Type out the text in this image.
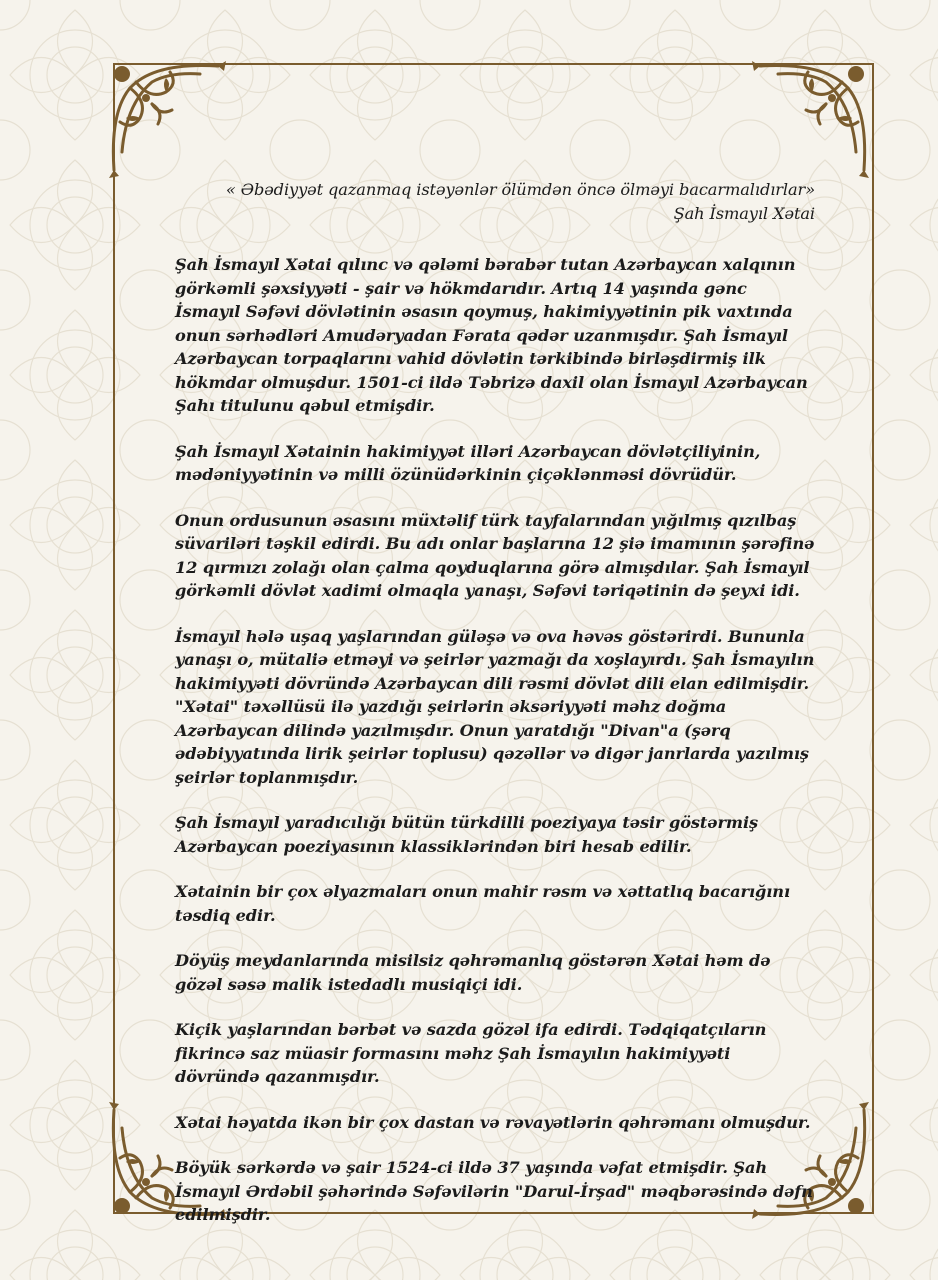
« Əbədiyyət qazanmaq istəyənlər ölümdən öncə ölməyi bacarmalıdırlar»
Şah İsmayıl Xətai

Şah İsmayıl Xətai qılınc və qələmi bərabər tutan Azərbaycan xalqının görkəmli şəxsiyyəti - şair və hökmdarıdır. Artıq 14 yaşında gənc İsmayıl Səfəvi dövlətinin əsasın qoymuş, hakimiyyətinin pik vaxtında onun sərhədləri Amudəryadan Fərata qədər uzanmışdır. Şah İsmayıl Azərbaycan torpaqlarını vahid dövlətin tərkibində birləşdirmiş ilk hökmdar olmuşdur. 1501-ci ildə Təbrizə daxil olan İsmayıl Azərbaycan Şahı titulunu qəbul etmişdir.

Şah İsmayıl Xətainin hakimiyyət illəri Azərbaycan dövlətçiliyinin, mədəniyyətinin və milli özünüdərkinin çiçəklənməsi dövrüdür.

Onun ordusunun əsasını müxtəlif türk tayfalarından yığılmış qızılbaş süvariləri təşkil edirdi. Bu adı onlar başlarına 12 şiə imamının şərəfinə 12 qırmızı zolağı olan çalma qoyduqlarına görə almışdılar. Şah İsmayıl görkəmli dövlət xadimi olmaqla yanaşı, Səfəvi təriqətinin də şeyxi idi.

İsmayıl hələ uşaq yaşlarından güləşə və ova həvəs göstərirdi. Bununla yanaşı o, mütaliə etməyi və şeirlər yazmağı da xoşlayırdı. Şah İsmayılın hakimiyyəti dövründə Azərbaycan dili rəsmi dövlət dili elan edilmişdir. "Xətai" təxəllüsü ilə yazdığı şeirlərin əksəriyyəti məhz doğma Azərbaycan dilində yazılmışdır. Onun yaratdığı "Divan"a (şərq ədəbiyyatında lirik şeirlər toplusu) qəzəllər və digər janrlarda yazılmış şeirlər toplanmışdır.

Şah İsmayıl yaradıcılığı bütün türkdilli poeziyaya təsir göstərmiş Azərbaycan poeziyasının klassiklərindən biri hesab edilir.

Xətainin bir çox əlyazmaları onun mahir rəsm və xəttatlıq bacarığını təsdiq edir.

Döyüş meydanlarında misilsiz qəhrəmanlıq göstərən Xətai həm də gözəl səsə malik istedadlı musiqiçi idi.

Kiçik yaşlarından bərbət və sazda gözəl ifa edirdi. Tədqiqatçıların fikrincə saz müasir formasını məhz Şah İsmayılın hakimiyyəti dövründə qazanmışdır.

Xətai həyatda ikən bir çox dastan və rəvayətlərin qəhrəmanı olmuşdur.

Böyük sərkərdə və şair 1524-ci ildə 37 yaşında vəfat etmişdir. Şah İsmayıl Ərdəbil şəhərində Səfəvilərin "Darul-İrşad" məqbərəsində dəfn edilmişdir.
